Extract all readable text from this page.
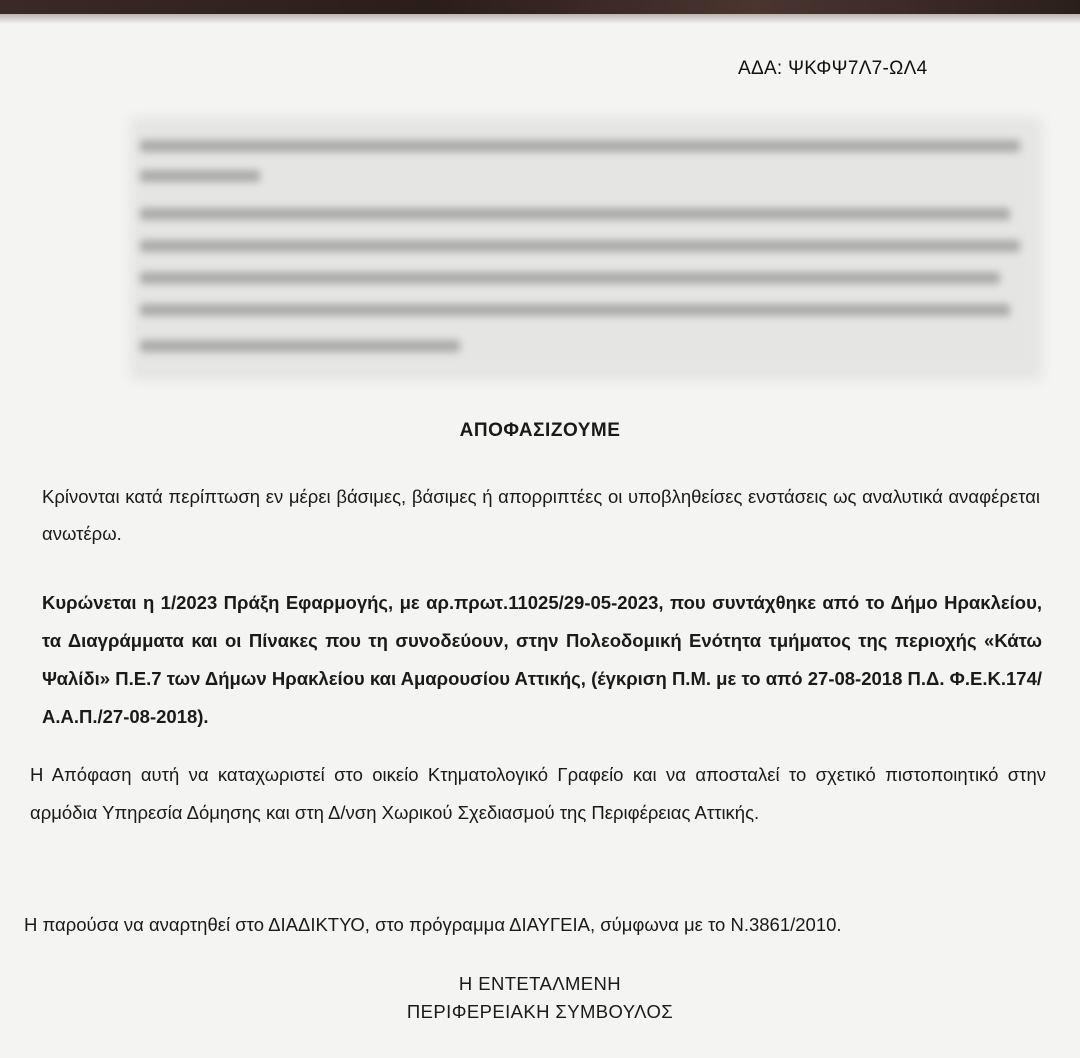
ΑΔΑ: ΨΚΦΨ7Λ7-ΩΛ4
ΑΠΟΦΑΣΙΖΟΥΜΕ
Κρίνονται κατά περίπτωση εν μέρει βάσιμες, βάσιμες ή απορριπτέες οι υποβληθείσες ενστάσεις ως αναλυτικά αναφέρεται ανωτέρω.
Κυρώνεται η 1/2023 Πράξη Εφαρμογής, με αρ.πρωτ.11025/29-05-2023, που συντάχθηκε από το Δήμο Ηρακλείου, τα Διαγράμματα και οι Πίνακες που τη συνοδεύουν, στην Πολεοδομική Ενότητα τμήματος της περιοχής «Κάτω Ψαλίδι» Π.Ε.7 των Δήμων Ηρακλείου και Αμαρουσίου Αττικής, (έγκριση Π.Μ. με το από 27-08-2018 Π.Δ. Φ.Ε.Κ.174/Α.Α.Π./27-08-2018).
Η Απόφαση αυτή να καταχωριστεί στο οικείο Κτηματολογικό Γραφείο και να αποσταλεί το σχετικό πιστοποιητικό στην αρμόδια Υπηρεσία Δόμησης και στη Δ/νση Χωρικού Σχεδιασμού της Περιφέρειας Αττικής.
Η παρούσα να αναρτηθεί στο ΔΙΑΔΙΚΤΥΟ, στο πρόγραμμα ΔΙΑΥΓΕΙΑ, σύμφωνα με το Ν.3861/2010.
Η ΕΝΤΕΤΑΛΜΕΝΗ
ΠΕΡΙΦΕΡΕΙΑΚΗ ΣΥΜΒΟΥΛΟΣ
